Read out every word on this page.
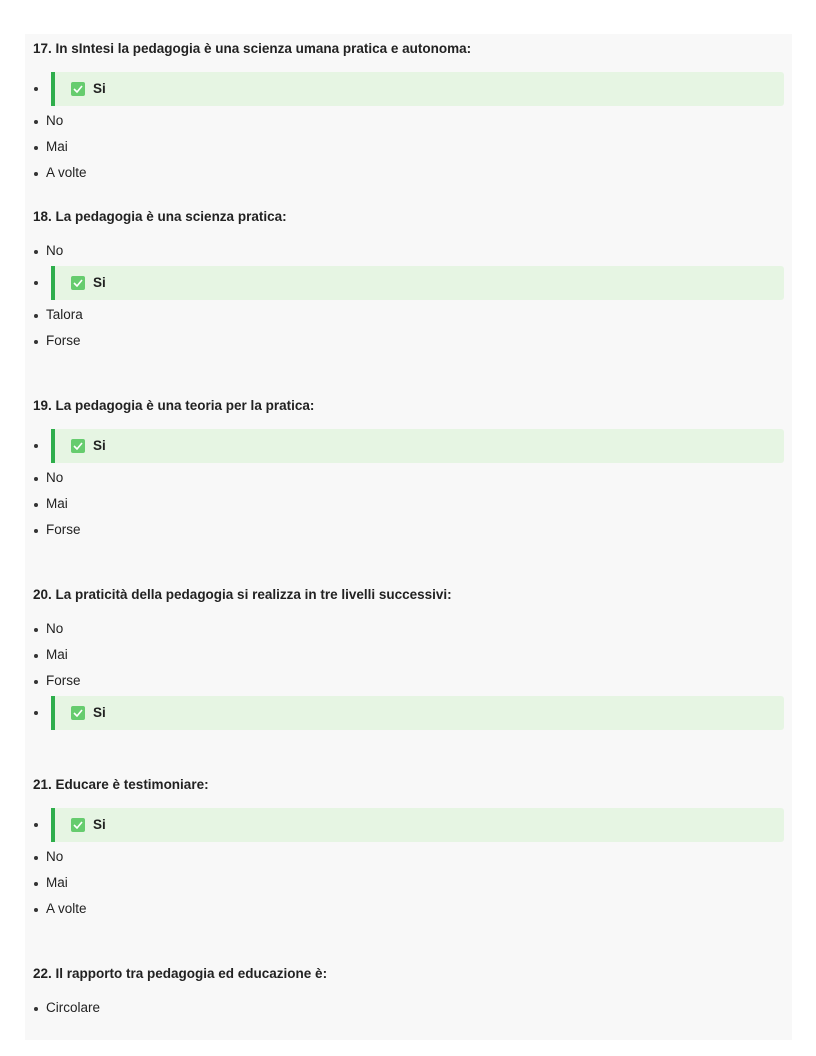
17. In sIntesi la pedagogia è una scienza umana pratica e autonoma:
Si
No
Mai
A volte
18. La pedagogia è una scienza pratica:
No
Si
Talora
Forse
19. La pedagogia è una teoria per la pratica:
Si
No
Mai
Forse
20. La praticità della pedagogia si realizza in tre livelli successivi:
No
Mai
Forse
Si
21. Educare è testimoniare:
Si
No
Mai
A volte
22. Il rapporto tra pedagogia ed educazione è:
Circolare
